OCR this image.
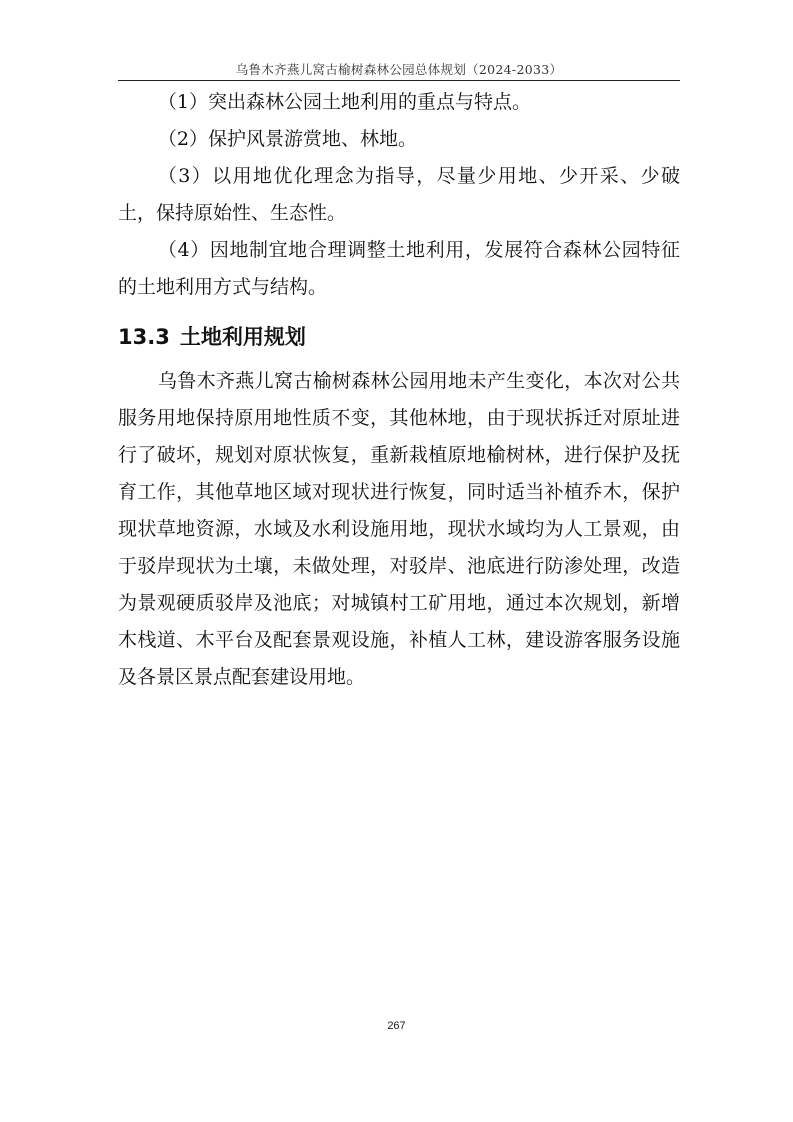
乌鲁木齐燕儿窝古榆树森林公园总体规划（2024-2033）

（1）突出森林公园土地利用的重点与特点。

（2）保护风景游赏地、林地。

（3）以用地优化理念为指导，尽量少用地、少开采、少破土，保持原始性、生态性。

（4）因地制宜地合理调整土地利用，发展符合森林公园特征的土地利用方式与结构。

13.3 土地利用规划

乌鲁木齐燕儿窝古榆树森林公园用地未产生变化，本次对公共服务用地保持原用地性质不变，其他林地，由于现状拆迁对原址进行了破坏，规划对原状恢复，重新栽植原地榆树林，进行保护及抚育工作，其他草地区域对现状进行恢复，同时适当补植乔木，保护现状草地资源，水域及水利设施用地，现状水域均为人工景观，由于驳岸现状为土壤，未做处理，对驳岸、池底进行防渗处理，改造为景观硬质驳岸及池底；对城镇村工矿用地，通过本次规划，新增木栈道、木平台及配套景观设施，补植人工林，建设游客服务设施及各景区景点配套建设用地。

267
